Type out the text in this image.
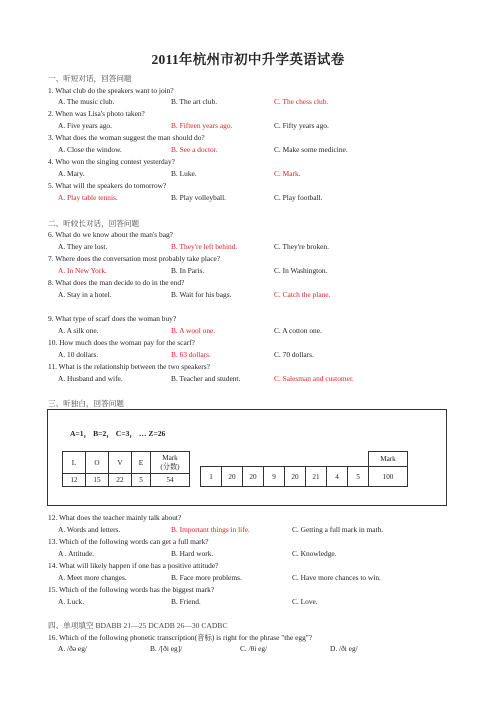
2011年杭州市初中升学英语试卷
一、听短对话，回答问题
1. What club do the speakers want to join?
A. The music club.	B. The art club.	C. The chess club.
2. When was Lisa's photo taken?
A. Five years ago.	B. Fifteen years ago.	C. Fifty years ago.
3. What does the woman suggest the man should do?
A. Close the window.	B. See a doctor.	C. Make some medicine.
4. Who won the singing contest yesterday?
A. Mary.	B. Luke.	C. Mark.
5. What will the speakers do tomorrow?
A. Play table tennis.	B. Play volleyball.	C. Play football.
二、听较长对话，回答问题
6. What do we know about the man's bag?
A. They are lost.	B. They're left behind.	C. They're broken.
7. Where does the conversation most probably take place?
A. In New York.	B. In Paris.	C. In Washington.
8. What does the man decide to do in the end?
A. Stay in a hotel.	B. Wait for his bags.	C. Catch the plane.
9. What type of scarf does the woman buy?
A. A silk one.	B. A wool one.	C. A cotton one.
10. How much does the woman pay for the scarf?
A. 10 dollars.	B. 63 dollars.	C. 70 dollars.
11. What is the relationship between the two speakers?
A. Husband and wife.	B. Teacher and student.	C. Salesman and customer.
三、听独白，回答问题
A=1， B=2， C=3， … Z=26
L	O	V	E	Mark
(分数)
12	15	22	5	54
								Mark
1	20	20	9	20	21	4	5	100
12. What does the teacher mainly talk about?
A. Words and letters.	B. Important things in life.	C. Getting a full mark in math.
13. Which of the following words can get a full mark?
A . Attitude.	B. Hard work.	C. Knowledge.
14. What will likely happen if one has a positive attitude?
A. Meet more changes.	B. Face more problems.	C. Have more chances to win.
15. Which of the following words has the biggest mark?
A. Luck.	B. Friend.	C. Love.
四、单项填空 BDABB 21—25 DCADB 26—30 CADBC
16. Which of the following phonetic transcription(音标) is right for the phrase "the egg"?
A. /ðə eg/	B. /[ði eg]/	C. /θi eg/	D. /ði eg/
